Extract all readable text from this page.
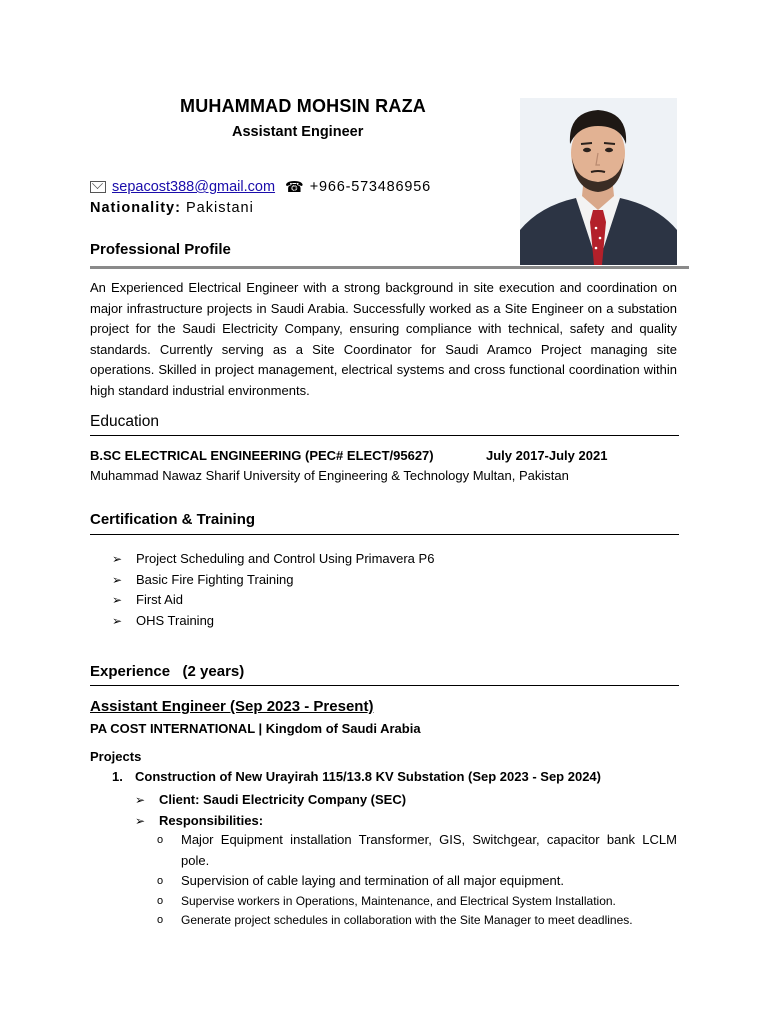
MUHAMMAD MOHSIN RAZA
Assistant Engineer
sepacost388@gmail.com ☎ +966-573486956
Nationality: Pakistani
Professional Profile
An Experienced Electrical Engineer with a strong background in site execution and coordination on major infrastructure projects in Saudi Arabia. Successfully worked as a Site Engineer on a substation project for the Saudi Electricity Company, ensuring compliance with technical, safety and quality standards. Currently serving as a Site Coordinator for Saudi Aramco Project managing site operations. Skilled in project management, electrical systems and cross functional coordination within high standard industrial environments.
Education
B.SC ELECTRICAL ENGINEERING (PEC# ELECT/95627)	July 2017-July 2021
Muhammad Nawaz Sharif University of Engineering & Technology Multan, Pakistan
Certification & Training
➢ Project Scheduling and Control Using Primavera P6
➢ Basic Fire Fighting Training
➢ First Aid
➢ OHS Training
Experience   (2 years)
Assistant Engineer (Sep 2023 - Present)
PA COST INTERNATIONAL | Kingdom of Saudi Arabia
Projects
1. Construction of New Urayirah 115/13.8 KV Substation (Sep 2023 - Sep 2024)
➢ Client: Saudi Electricity Company (SEC)
➢ Responsibilities:
o Major Equipment installation Transformer, GIS, Switchgear, capacitor bank LCLM pole.
o Supervision of cable laying and termination of all major equipment.
o Supervise workers in Operations, Maintenance, and Electrical System Installation.
o Generate project schedules in collaboration with the Site Manager to meet deadlines.
